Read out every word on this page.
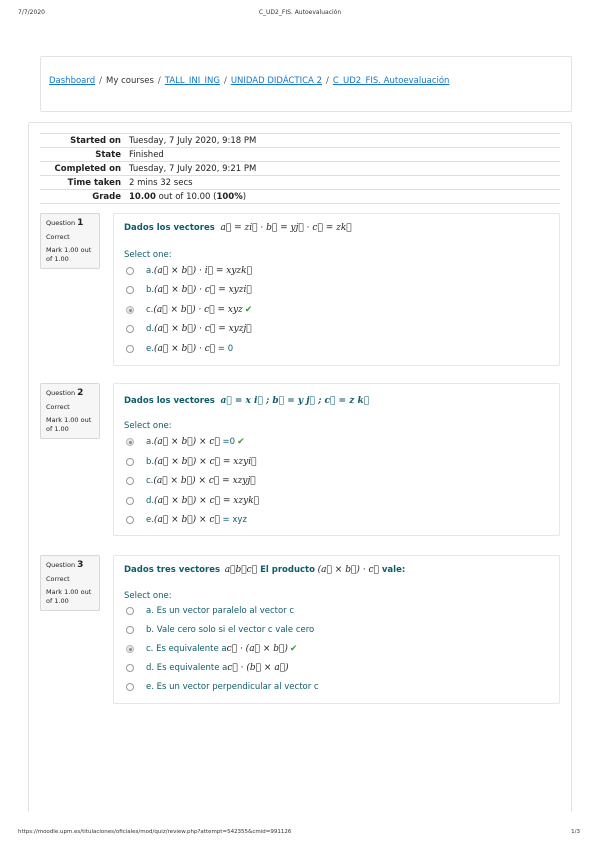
7/7/2020	C_UD2_FIS. Autoevaluación
Dashboard / My courses / TALL_INI_ING / UNIDAD DIDÁCTICA 2 / C_UD2_FIS. Autoevaluación
Started on	Tuesday, 7 July 2020, 9:18 PM
State	Finished
Completed on	Tuesday, 7 July 2020, 9:21 PM
Time taken	2 mins 32 secs
Grade	10.00 out of 10.00 (100%)
Question 1
Correct
Mark 1.00 out of 1.00
Dados los vectores a⃗ = zi⃗ · b⃗ = yj⃗ · c⃗ = zk⃗
Select one:
a.(a⃗ × b⃗) · i⃗ = xyzk⃗
b.(a⃗ × b⃗) · c⃗ = xyzi⃗
c.(a⃗ × b⃗) · c⃗ = xyz ✔
d.(a⃗ × b⃗) · c⃗ = xyzj⃗
e.(a⃗ × b⃗) · c⃗ = 0
Question 2
Correct
Mark 1.00 out of 1.00
Dados los vectores a⃗ = x i⃗ ; b⃗ = y j⃗ ; c⃗ = z k⃗
Select one:
a.(a⃗ × b⃗) × c⃗ =0 ✔
b.(a⃗ × b⃗) × c⃗ = xzyi⃗
c.(a⃗ × b⃗) × c⃗ = xzyj⃗
d.(a⃗ × b⃗) × c⃗ = xzyk⃗
e.(a⃗ × b⃗) × c⃗ = xyz
Question 3
Correct
Mark 1.00 out of 1.00
Dados tres vectores a⃗b⃗c⃗ El producto (a⃗ × b⃗) · c⃗ vale:
Select one:
a. Es un vector paralelo al vector c
b. Vale cero solo si el vector c vale cero
c. Es equivalente ac⃗ · (a⃗ × b⃗) ✔
d. Es equivalente ac⃗ · (b⃗ × a⃗)
e. Es un vector perpendicular al vector c
https://moodle.upm.es/titulaciones/oficiales/mod/quiz/review.php?attempt=542355&cmid=991126	1/3
